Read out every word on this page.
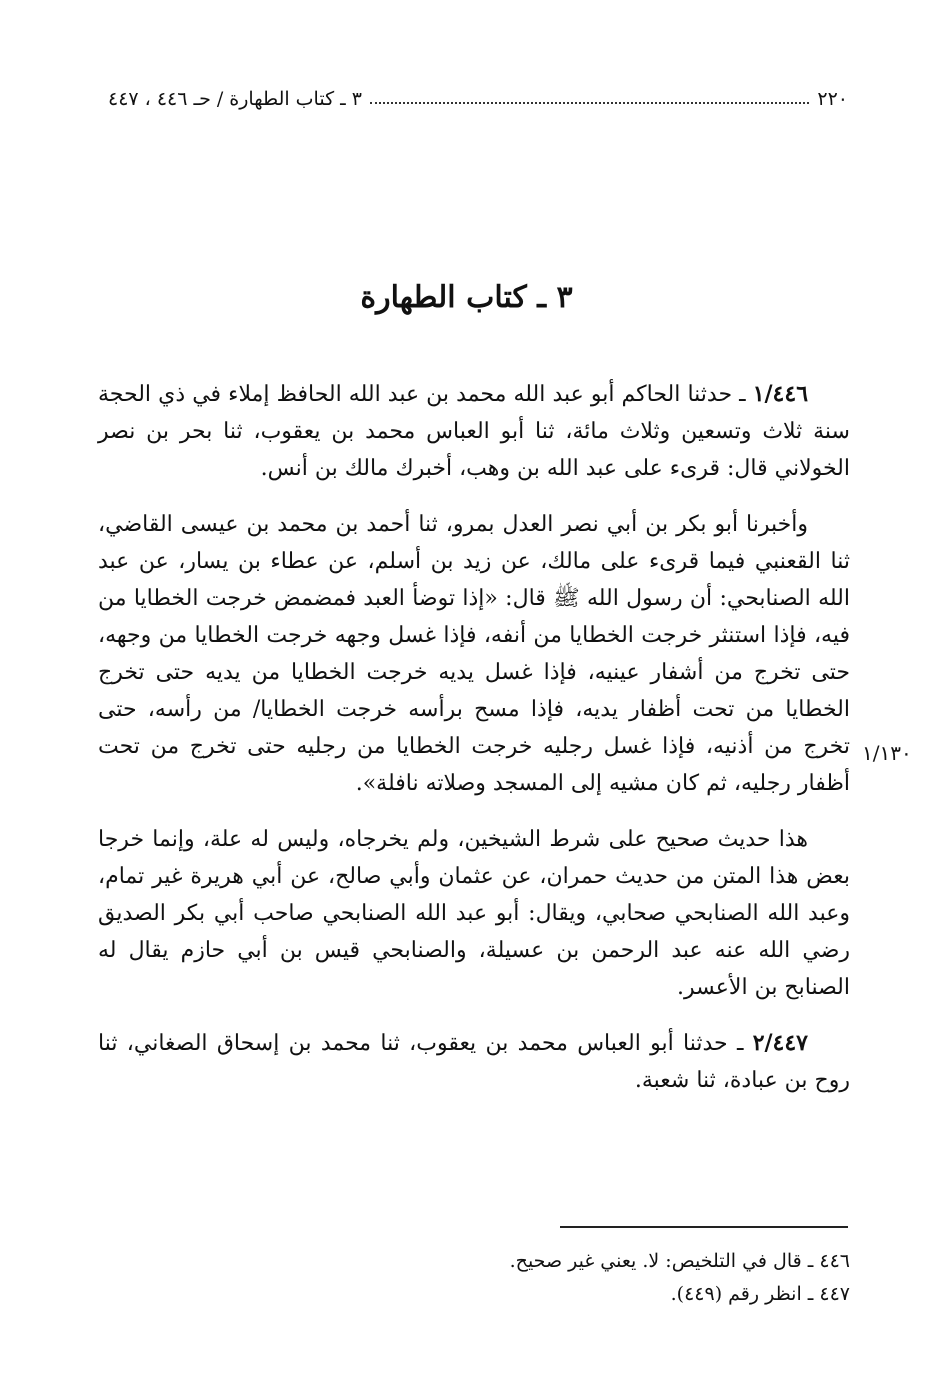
٢٢٠
٣ ـ كتاب الطهارة / حـ ٤٤٦ ، ٤٤٧
٣ ـ كتاب الطهارة

١/٤٤٦ ـ حدثنا الحاكم أبو عبد الله محمد بن عبد الله الحافظ إملاء في ذي الحجة سنة ثلاث وتسعين وثلاث مائة، ثنا أبو العباس محمد بن يعقوب، ثنا بحر بن نصر الخولاني قال: قرىء على عبد الله بن وهب، أخبرك مالك بن أنس.

وأخبرنا أبو بكر بن أبي نصر العدل بمرو، ثنا أحمد بن محمد بن عيسى القاضي، ثنا القعنبي فيما قرىء على مالك، عن زيد بن أسلم، عن عطاء بن يسار، عن عبد الله الصنابحي: أن رسول الله ﷺ قال: «إذا توضأ العبد فمضمض خرجت الخطايا من فيه، فإذا استنثر خرجت الخطايا من أنفه، فإذا غسل وجهه خرجت الخطايا من وجهه، حتى تخرج من أشفار عينيه، فإذا غسل يديه خرجت الخطايا من يديه حتى تخرج الخطايا من تحت أظفار يديه، فإذا مسح برأسه خرجت الخطايا/ من رأسه، حتى تخرج من أذنيه، فإذا غسل رجليه خرجت الخطايا من رجليه حتى تخرج من تحت أظفار رجليه، ثم كان مشيه إلى المسجد وصلاته نافلة».

هذا حديث صحيح على شرط الشيخين، ولم يخرجاه، وليس له علة، وإنما خرجا بعض هذا المتن من حديث حمران، عن عثمان وأبي صالح، عن أبي هريرة غير تمام، وعبد الله الصنابحي صحابي، ويقال: أبو عبد الله الصنابحي صاحب أبي بكر الصديق رضي الله عنه عبد الرحمن بن عسيلة، والصنابحي قيس بن أبي حازم يقال له الصنابح بن الأعسر.

٢/٤٤٧ ـ حدثنا أبو العباس محمد بن يعقوب، ثنا محمد بن إسحاق الصغاني، ثنا روح بن عبادة، ثنا شعبة.

١/١٣٠
٤٤٦ ـ قال في التلخيص: لا. يعني غير صحيح.
٤٤٧ ـ انظر رقم (٤٤٩).
